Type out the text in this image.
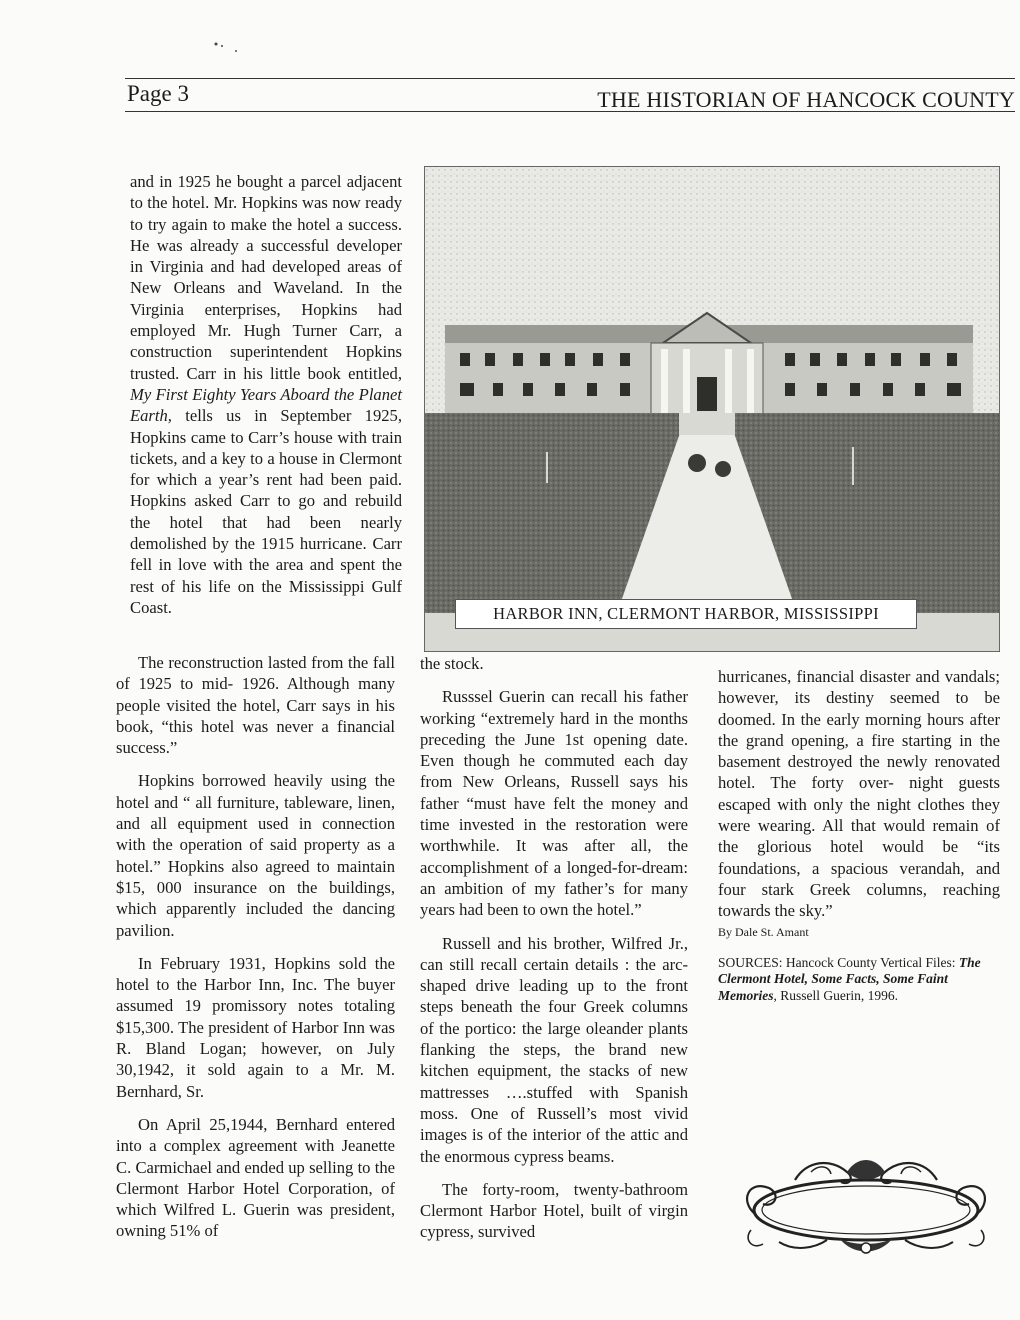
Page 3	THE HISTORIAN OF HANCOCK COUNTY

and in 1925 he bought a parcel adjacent to the hotel. Mr. Hopkins was now ready to try again to make the hotel a success. He was already a successful developer in Virginia and had developed areas of New Orleans and Waveland. In the Virginia enterprises, Hopkins had employed Mr. Hugh Turner Carr, a construction superintendent Hopkins trusted. Carr in his little book entitled, My First Eighty Years Aboard the Planet Earth, tells us in September 1925, Hopkins came to Carr’s house with train tickets, and a key to a house in Clermont for which a year’s rent had been paid. Hopkins asked Carr to go and rebuild the hotel that had been nearly demolished by the 1915 hurricane. Carr fell in love with the area and spent the rest of his life on the Mississippi Gulf Coast.	HARBOR INN, CLERMONT HARBOR, MISSISSIPPI

The reconstruction lasted from the fall of 1925 to mid- 1926. Although many people visited the hotel, Carr says in his book, “this hotel was never a financial success.”

Hopkins borrowed heavily using the hotel and “ all furniture, tableware, linen, and all equipment used in connection with the operation of said property as a hotel.” Hopkins also agreed to maintain $15, 000 insurance on the buildings, which apparently included the dancing pavilion.

In February 1931, Hopkins sold the hotel to the Harbor Inn, Inc. The buyer assumed 19 promissory notes totaling $15,300. The president of Harbor Inn was R. Bland Logan; however, on July 30,1942, it sold again to a Mr. M. Bernhard, Sr.

On April 25,1944, Bernhard entered into a complex agreement with Jeanette C. Carmichael and ended up selling to the Clermont Harbor Hotel Corporation, of which Wilfred L. Guerin was president, owning 51% of

the stock.

Russsel Guerin can recall his father working “extremely hard in the months preceding the June 1st opening date. Even though he commuted each day from New Orleans, Russell says his father “must have felt the money and time invested in the restoration were worthwhile. It was after all, the accomplishment of a longed-for-dream: an ambition of my father’s for many years had been to own the hotel.”

Russell and his brother, Wilfred Jr., can still recall certain details : the arc-shaped drive leading up to the front steps beneath the four Greek columns of the portico: the large oleander plants flanking the steps, the brand new kitchen equipment, the stacks of new mattresses ….stuffed with Spanish moss. One of Russell’s most vivid images is of the interior of the attic and the enormous cypress beams.

The forty-room, twenty-bathroom Clermont Harbor Hotel, built of virgin cypress, survived

hurricanes, financial disaster and vandals; however, its destiny seemed to be doomed. In the early morning hours after the grand opening, a fire starting in the basement destroyed the newly renovated hotel. The forty over- night guests escaped with only the night clothes they were wearing. All that would remain of the glorious hotel would be “its foundations, a spacious verandah, and four stark Greek columns, reaching towards the sky.”

By Dale St. Amant

SOURCES: Hancock County Vertical Files: The Clermont Hotel, Some Facts, Some Faint Memories, Russell Guerin, 1996.
